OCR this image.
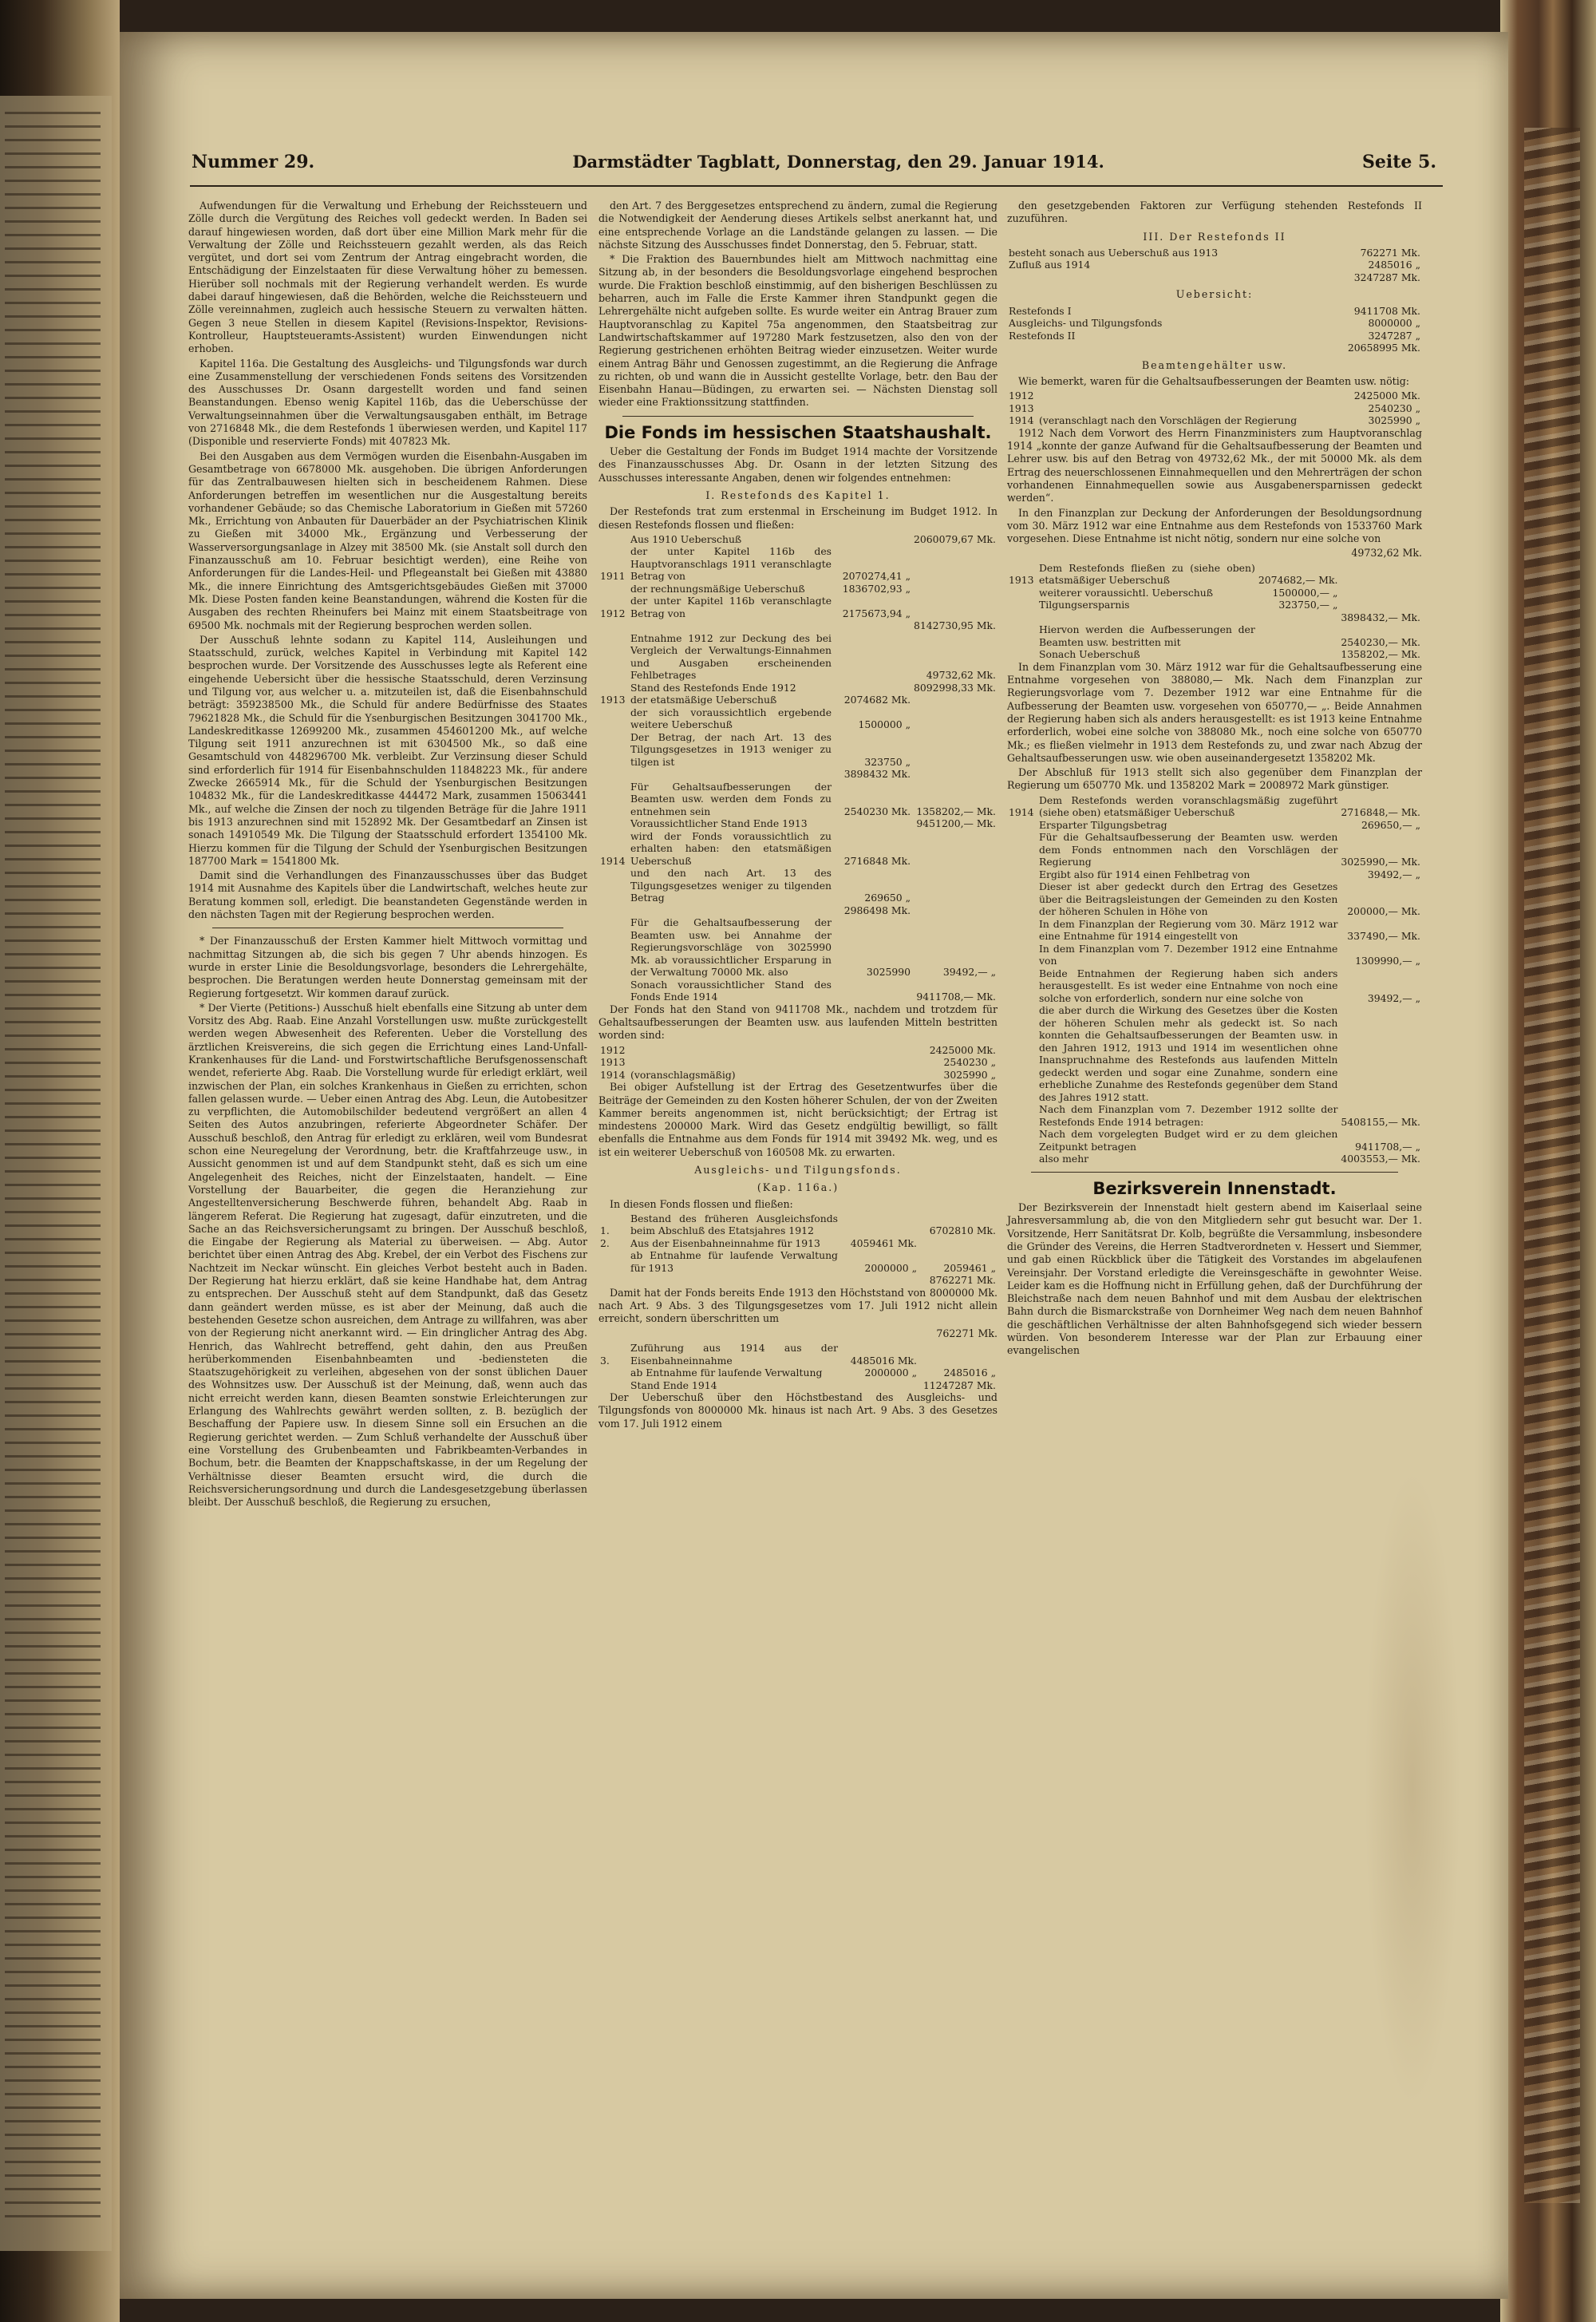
Nummer 29.	Darmstädter Tagblatt, Donnerstag, den 29. Januar 1914.	Seite 5.

Aufwendungen für die Verwaltung und Erhebung der Reichssteuern und Zölle durch die Vergütung des Reiches voll gedeckt werden. In Baden sei darauf hingewiesen worden, daß dort über eine Million Mark mehr für die Verwaltung der Zölle und Reichssteuern gezahlt werden, als das Reich vergütet, und dort sei vom Zentrum der Antrag eingebracht worden, die Entschädigung der Einzelstaaten für diese Verwaltung höher zu bemessen. Hierüber soll nochmals mit der Regierung verhandelt werden. Es wurde dabei darauf hingewiesen, daß die Behörden, welche die Reichssteuern und Zölle vereinnahmen, zugleich auch hessische Steuern zu verwalten hätten. Gegen 3 neue Stellen in diesem Kapitel (Revisions-Inspektor, Revisions-Kontrolleur, Hauptsteueramts-Assistent) wurden Einwendungen nicht erhoben.

Kapitel 116a. Die Gestaltung des Ausgleichs- und Tilgungsfonds war durch eine Zusammenstellung der verschiedenen Fonds seitens des Vorsitzenden des Ausschusses Dr. Osann dargestellt worden und fand seinen Beanstandungen. Ebenso wenig Kapitel 116b, das die Ueberschüsse der Verwaltungseinnahmen über die Verwaltungsausgaben enthält, im Betrage von 2716848 Mk., die dem Restefonds 1 überwiesen werden, und Kapitel 117 (Disponible und reservierte Fonds) mit 407823 Mk.

Bei den Ausgaben aus dem Vermögen wurden die Eisenbahn-Ausgaben im Gesamtbetrage von 6678000 Mk. ausgehoben. Die übrigen Anforderungen für das Zentralbauwesen hielten sich in bescheidenem Rahmen. Diese Anforderungen betreffen im wesentlichen nur die Ausgestaltung bereits vorhandener Gebäude; so das Chemische Laboratorium in Gießen mit 57260 Mk., Errichtung von Anbauten für Dauerbäder an der Psychiatrischen Klinik zu Gießen mit 34000 Mk., Ergänzung und Verbesserung der Wasserversorgungsanlage in Alzey mit 38500 Mk. (sie Anstalt soll durch den Finanzausschuß am 10. Februar besichtigt werden), eine Reihe von Anforderungen für die Landes-Heil- und Pflegeanstalt bei Gießen mit 43880 Mk., die innere Einrichtung des Amtsgerichtsgebäudes Gießen mit 37000 Mk. Diese Posten fanden keine Beanstandungen, während die Kosten für die Ausgaben des rechten Rheinufers bei Mainz mit einem Staatsbeitrage von 69500 Mk. nochmals mit der Regierung besprochen werden sollen.

Der Ausschuß lehnte sodann zu Kapitel 114, Ausleihungen und Staatsschuld, zurück, welches Kapitel in Verbindung mit Kapitel 142 besprochen wurde. Der Vorsitzende des Ausschusses legte als Referent eine eingehende Uebersicht über die hessische Staatsschuld, deren Verzinsung und Tilgung vor, aus welcher u. a. mitzuteilen ist, daß die Eisenbahnschuld beträgt: 359238500 Mk., die Schuld für andere Bedürfnisse des Staates 79621828 Mk., die Schuld für die Ysenburgischen Besitzungen 3041700 Mk., Landeskreditkasse 12699200 Mk., zusammen 454601200 Mk., auf welche Tilgung seit 1911 anzurechnen ist mit 6304500 Mk., so daß eine Gesamtschuld von 448296700 Mk. verbleibt. Zur Verzinsung dieser Schuld sind erforderlich für 1914 für Eisenbahnschulden 11848223 Mk., für andere Zwecke 2665914 Mk., für die Schuld der Ysenburgischen Besitzungen 104832 Mk., für die Landeskreditkasse 444472 Mark, zusammen 15063441 Mk., auf welche die Zinsen der noch zu tilgenden Beträge für die Jahre 1911 bis 1913 anzurechnen sind mit 152892 Mk. Der Gesamtbedarf an Zinsen ist sonach 14910549 Mk. Die Tilgung der Staatsschuld erfordert 1354100 Mk. Hierzu kommen für die Tilgung der Schuld der Ysenburgischen Besitzungen 187700 Mark = 1541800 Mk.

Damit sind die Verhandlungen des Finanzausschusses über das Budget 1914 mit Ausnahme des Kapitels über die Landwirtschaft, welches heute zur Beratung kommen soll, erledigt. Die beanstandeten Gegenstände werden in den nächsten Tagen mit der Regierung besprochen werden.

* Der Finanzausschuß der Ersten Kammer hielt Mittwoch vormittag und nachmittag Sitzungen ab, die sich bis gegen 7 Uhr abends hinzogen. Es wurde in erster Linie die Besoldungsvorlage, besonders die Lehrergehälte, besprochen. Die Beratungen werden heute Donnerstag gemeinsam mit der Regierung fortgesetzt. Wir kommen darauf zurück.

* Der Vierte (Petitions-) Ausschuß hielt ebenfalls eine Sitzung ab unter dem Vorsitz des Abg. Raab. Eine Anzahl Vorstellungen usw. mußte zurückgestellt werden wegen Abwesenheit des Referenten. Ueber die Vorstellung des ärztlichen Kreisvereins, die sich gegen die Errichtung eines Land-Unfall-Krankenhauses für die Land- und Forstwirtschaftliche Berufsgenossenschaft wendet, referierte Abg. Raab. Die Vorstellung wurde für erledigt erklärt, weil inzwischen der Plan, ein solches Krankenhaus in Gießen zu errichten, schon fallen gelassen wurde. — Ueber einen Antrag des Abg. Leun, die Autobesitzer zu verpflichten, die Automobilschilder bedeutend vergrößert an allen 4 Seiten des Autos anzubringen, referierte Abgeordneter Schäfer. Der Ausschuß beschloß, den Antrag für erledigt zu erklären, weil vom Bundesrat schon eine Neuregelung der Verordnung, betr. die Kraftfahrzeuge usw., in Aussicht genommen ist und auf dem Standpunkt steht, daß es sich um eine Angelegenheit des Reiches, nicht der Einzelstaaten, handelt. — Eine Vorstellung der Bauarbeiter, die gegen die Heranziehung zur Angestelltenversicherung Beschwerde führen, behandelt Abg. Raab in längerem Referat. Die Regierung hat zugesagt, dafür einzutreten, und die Sache an das Reichsversicherungsamt zu bringen. Der Ausschuß beschloß, die Eingabe der Regierung als Material zu überweisen. — Abg. Autor berichtet über einen Antrag des Abg. Krebel, der ein Verbot des Fischens zur Nachtzeit im Neckar wünscht. Ein gleiches Verbot besteht auch in Baden. Der Regierung hat hierzu erklärt, daß sie keine Handhabe hat, dem Antrag zu entsprechen. Der Ausschuß steht auf dem Standpunkt, daß das Gesetz dann geändert werden müsse, es ist aber der Meinung, daß auch die bestehenden Gesetze schon ausreichen, dem Antrage zu willfahren, was aber von der Regierung nicht anerkannt wird. — Ein dringlicher Antrag des Abg. Henrich, das Wahlrecht betreffend, geht dahin, den aus Preußen herüberkommenden Eisenbahnbeamten und -bediensteten die Staatszugehörigkeit zu verleihen, abgesehen von der sonst üblichen Dauer des Wohnsitzes usw. Der Ausschuß ist der Meinung, daß, wenn auch das nicht erreicht werden kann, diesen Beamten sonstwie Erleichterungen zur Erlangung des Wahlrechts gewährt werden sollten, z. B. bezüglich der Beschaffung der Papiere usw. In diesem Sinne soll ein Ersuchen an die Regierung gerichtet werden. — Zum Schluß verhandelte der Ausschuß über eine Vorstellung des Grubenbeamten und Fabrikbeamten-Verbandes in Bochum, betr. die Beamten der Knappschaftskasse, in der um Regelung der Verhältnisse dieser Beamten ersucht wird, die durch die Reichsversicherungsordnung und durch die Landesgesetzgebung überlassen bleibt. Der Ausschuß beschloß, die Regierung zu ersuchen,

den Art. 7 des Berggesetzes entsprechend zu ändern, zumal die Regierung die Notwendigkeit der Aenderung dieses Artikels selbst anerkannt hat, und eine entsprechende Vorlage an die Landstände gelangen zu lassen. — Die nächste Sitzung des Ausschusses findet Donnerstag, den 5. Februar, statt.

* Die Fraktion des Bauernbundes hielt am Mittwoch nachmittag eine Sitzung ab, in der besonders die Besoldungsvorlage eingehend besprochen wurde. Die Fraktion beschloß einstimmig, auf den bisherigen Beschlüssen zu beharren, auch im Falle die Erste Kammer ihren Standpunkt gegen die Lehrergehälte nicht aufgeben sollte. Es wurde weiter ein Antrag Brauer zum Hauptvoranschlag zu Kapitel 75a angenommen, den Staatsbeitrag zur Landwirtschaftskammer auf 197280 Mark festzusetzen, also den von der Regierung gestrichenen erhöhten Beitrag wieder einzusetzen. Weiter wurde einem Antrag Bähr und Genossen zugestimmt, an die Regierung die Anfrage zu richten, ob und wann die in Aussicht gestellte Vorlage, betr. den Bau der Eisenbahn Hanau—Büdingen, zu erwarten sei. — Nächsten Dienstag soll wieder eine Fraktionssitzung stattfinden.

Die Fonds im hessischen Staatshaushalt.

Ueber die Gestaltung der Fonds im Budget 1914 machte der Vorsitzende des Finanzausschusses Abg. Dr. Osann in der letzten Sitzung des Ausschusses interessante Angaben, denen wir folgendes entnehmen:

I. Restefonds des Kapitel 1.

Der Restefonds trat zum erstenmal in Erscheinung im Budget 1912. In diesen Restefonds flossen und fließen:

	Aus 1910 Ueberschuß		2060079,67 Mk.
1911	der unter Kapitel 116b des Hauptvoranschlags 1911 veranschlagte Betrag von	2070274,41 „	
	der rechnungsmäßige Ueberschuß	1836702,93 „	
1912	der unter Kapitel 116b veranschlagte Betrag von	2175673,94 „	
			8142730,95 Mk.
	Entnahme 1912 zur Deckung des bei Vergleich der Verwaltungs-Einnahmen und Ausgaben erscheinenden Fehlbetrages		49732,62 Mk.
	Stand des Restefonds Ende 1912		8092998,33 Mk.
1913	der etatsmäßige Ueberschuß	2074682 Mk.	
	der sich voraussichtlich ergebende weitere Ueberschuß	1500000 „	
	Der Betrag, der nach Art. 13 des Tilgungsgesetzes in 1913 weniger zu tilgen ist	323750 „	
		3898432 Mk.	
	Für Gehaltsaufbesserungen der Beamten usw. werden dem Fonds zu entnehmen sein	2540230 Mk.	1358202,— Mk.
	Voraussichtlicher Stand Ende 1913		9451200,— Mk.
1914	wird der Fonds voraussichtlich zu erhalten haben: den etatsmäßigen Ueberschuß	2716848 Mk.	
	und den nach Art. 13 des Tilgungsgesetzes weniger zu tilgenden Betrag	269650 „	
		2986498 Mk.	
	Für die Gehaltsaufbesserung der Beamten usw. bei Annahme der Regierungsvorschläge von 3025990 Mk. ab voraussichtlicher Ersparung in der Verwaltung 70000 Mk. also	3025990	39492,— „
	Sonach voraussichtlicher Stand des Fonds Ende 1914		9411708,— Mk.

Der Fonds hat den Stand von 9411708 Mk., nachdem und trotzdem für Gehaltsaufbesserungen der Beamten usw. aus laufenden Mitteln bestritten worden sind:

1912		2425000 Mk.
1913		2540230 „
1914	(voranschlagsmäßig)	3025990 „

Bei obiger Aufstellung ist der Ertrag des Gesetzentwurfes über die Beiträge der Gemeinden zu den Kosten höherer Schulen, der von der Zweiten Kammer bereits angenommen ist, nicht berücksichtigt; der Ertrag ist mindestens 200000 Mark. Wird das Gesetz endgültig bewilligt, so fällt ebenfalls die Entnahme aus dem Fonds für 1914 mit 39492 Mk. weg, und es ist ein weiterer Ueberschuß von 160508 Mk. zu erwarten.

Ausgleichs- und Tilgungsfonds.

(Kap. 116a.)

In diesen Fonds flossen und fließen:

1.	Bestand des früheren Ausgleichsfonds beim Abschluß des Etatsjahres 1912		6702810 Mk.
2.	Aus der Eisenbahneinnahme für 1913	4059461 Mk.	
	ab Entnahme für laufende Verwaltung für 1913	2000000 „	2059461 „
			8762271 Mk.

Damit hat der Fonds bereits Ende 1913 den Höchststand von 8000000 Mk. nach Art. 9 Abs. 3 des Tilgungsgesetzes vom 17. Juli 1912 nicht allein erreicht, sondern überschritten um

762271 Mk.

3.	Zuführung aus 1914 aus der Eisenbahneinnahme	4485016 Mk.	
	ab Entnahme für laufende Verwaltung	2000000 „	2485016 „
	Stand Ende 1914		11247287 Mk.

Der Ueberschuß über den Höchstbestand des Ausgleichs- und Tilgungsfonds von 8000000 Mk. hinaus ist nach Art. 9 Abs. 3 des Gesetzes vom 17. Juli 1912 einem

den gesetzgebenden Faktoren zur Verfügung stehenden Restefonds II zuzuführen.

III. Der Restefonds II

besteht sonach aus Ueberschuß aus 1913	762271 Mk.
Zufluß aus 1914	2485016 „
	3247287 Mk.

Uebersicht:

Restefonds I	9411708 Mk.
Ausgleichs- und Tilgungsfonds	8000000 „
Restefonds II	3247287 „
	20658995 Mk.

Beamtengehälter usw.

Wie bemerkt, waren für die Gehaltsaufbesserungen der Beamten usw. nötig:

1912		2425000 Mk.
1913		2540230 „
1914	(veranschlagt nach den Vorschlägen der Regierung	3025990 „

1912 Nach dem Vorwort des Herrn Finanzministers zum Hauptvoranschlag 1914 „konnte der ganze Aufwand für die Gehaltsaufbesserung der Beamten und Lehrer usw. bis auf den Betrag von 49732,62 Mk., der mit 50000 Mk. als dem Ertrag des neuerschlossenen Einnahmequellen und den Mehrerträgen der schon vorhandenen Einnahmequellen sowie aus Ausgabenersparnissen gedeckt werden“.

In den Finanzplan zur Deckung der Anforderungen der Besoldungsordnung vom 30. März 1912 war eine Entnahme aus dem Restefonds von 1533760 Mark vorgesehen. Diese Entnahme ist nicht nötig, sondern nur eine solche von

49732,62 Mk.

1913	Dem Restefonds fließen zu (siehe oben) etatsmäßiger Ueberschuß	2074682,— Mk.	
	weiterer voraussichtl. Ueberschuß	1500000,— „	
	Tilgungsersparnis	323750,— „	
			3898432,— Mk.
	Hiervon werden die Aufbesserungen der Beamten usw. bestritten mit		2540230,— Mk.
	Sonach Ueberschuß		1358202,— Mk.

In dem Finanzplan vom 30. März 1912 war für die Gehaltsaufbesserung eine Entnahme vorgesehen von 388080,— Mk. Nach dem Finanzplan zur Regierungsvorlage vom 7. Dezember 1912 war eine Entnahme für die Aufbesserung der Beamten usw. vorgesehen von 650770,— „. Beide Annahmen der Regierung haben sich als anders herausgestellt: es ist 1913 keine Entnahme erforderlich, wobei eine solche von 388080 Mk., noch eine solche von 650770 Mk.; es fließen vielmehr in 1913 dem Restefonds zu, und zwar nach Abzug der Gehaltsaufbesserungen usw. wie oben auseinandergesetzt 1358202 Mk.

Der Abschluß für 1913 stellt sich also gegenüber dem Finanzplan der Regierung um 650770 Mk. und 1358202 Mark = 2008972 Mark günstiger.

1914	Dem Restefonds werden voranschlagsmäßig zugeführt (siehe oben) etatsmäßiger Ueberschuß	2716848,— Mk.
	Ersparter Tilgungsbetrag	269650,— „
	Für die Gehaltsaufbesserung der Beamten usw. werden dem Fonds entnommen nach den Vorschlägen der Regierung	3025990,— Mk.
	Ergibt also für 1914 einen Fehlbetrag von	39492,— „
	Dieser ist aber gedeckt durch den Ertrag des Gesetzes über die Beitragsleistungen der Gemeinden zu den Kosten der höheren Schulen in Höhe von	200000,— Mk.
	In dem Finanzplan der Regierung vom 30. März 1912 war eine Entnahme für 1914 eingestellt von	337490,— Mk.
	In dem Finanzplan vom 7. Dezember 1912 eine Entnahme von	1309990,— „
	Beide Entnahmen der Regierung haben sich anders herausgestellt. Es ist weder eine Entnahme von noch eine solche von erforderlich, sondern nur eine solche von	39492,— „
	die aber durch die Wirkung des Gesetzes über die Kosten der höheren Schulen mehr als gedeckt ist. So nach konnten die Gehaltsaufbesserungen der Beamten usw. in den Jahren 1912, 1913 und 1914 im wesentlichen ohne Inanspruchnahme des Restefonds aus laufenden Mitteln gedeckt werden und sogar eine Zunahme, sondern eine erhebliche Zunahme des Restefonds gegenüber dem Stand des Jahres 1912 statt.	
	Nach dem Finanzplan vom 7. Dezember 1912 sollte der Restefonds Ende 1914 betragen:	5408155,— Mk.
	Nach dem vorgelegten Budget wird er zu dem gleichen Zeitpunkt betragen	9411708,— „
	also mehr	4003553,— Mk.

Bezirksverein Innenstadt.

Der Bezirksverein der Innenstadt hielt gestern abend im Kaiserlaal seine Jahresversammlung ab, die von den Mitgliedern sehr gut besucht war. Der 1. Vorsitzende, Herr Sanitätsrat Dr. Kolb, begrüßte die Versammlung, insbesondere die Gründer des Vereins, die Herren Stadtverordneten v. Hessert und Siemmer, und gab einen Rückblick über die Tätigkeit des Vorstandes im abgelaufenen Vereinsjahr. Der Vorstand erledigte die Vereinsgeschäfte in gewohnter Weise. Leider kam es die Hoffnung nicht in Erfüllung gehen, daß der Durchführung der Bleichstraße nach dem neuen Bahnhof und mit dem Ausbau der elektrischen Bahn durch die Bismarckstraße von Dornheimer Weg nach dem neuen Bahnhof die geschäftlichen Verhältnisse der alten Bahnhofsgegend sich wieder bessern würden. Von besonderem Interesse war der Plan zur Erbauung einer evangelischen
